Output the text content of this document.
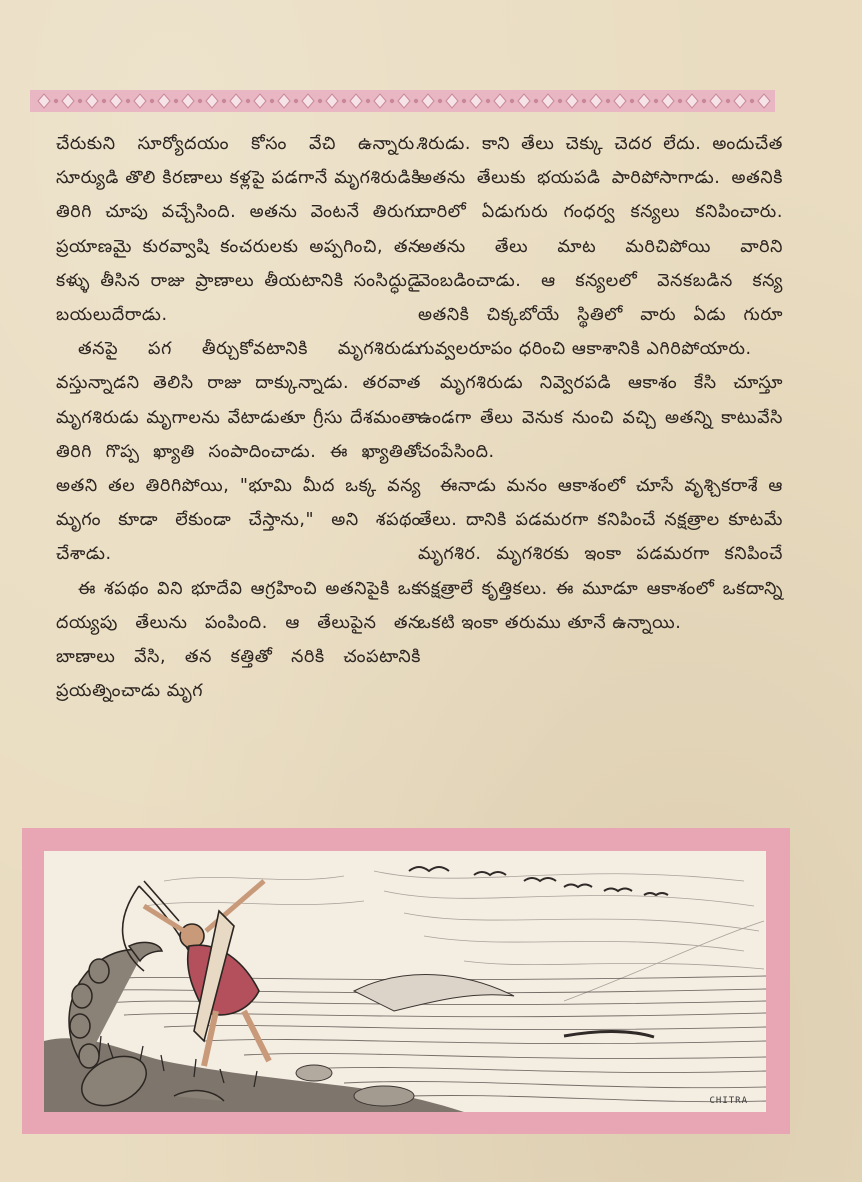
చేరుకుని సూర్యోదయం కోసం వేచి ఉన్నారు. సూర్యుడి తొలి కిరణాలు కళ్లపై పడగానే మృగశిరుడికి తిరిగి చూపు వచ్చేసింది. అతను వెంటనే తిరుగు ప్రయాణమై కురవ్వాషి కంచరులకు అప్పగించి, తన కళ్ళు తీసిన రాజు ప్రాణాలు తీయటానికి సంసిద్ధుడై బయలుదేరాడు.

తనపై పగ తీర్చుకోవటానికి మృగశిరుడు వస్తున్నాడని తెలిసి రాజు దాక్కున్నాడు. తరవాత మృగశిరుడు మృగాలను వేటాడుతూ గ్రీసు దేశమంతా తిరిగి గొప్ప ఖ్యాతి సంపాదించాడు. ఈ ఖ్యాతితో అతని తల తిరిగిపోయి, "భూమి మీద ఒక్క వన్య మృగం కూడా లేకుండా చేస్తాను," అని శపథం చేశాడు.

ఈ శపథం విని భూదేవి ఆగ్రహించి అతనిపైకి ఒక దయ్యపు తేలును పంపింది. ఆ తేలుపైన తన బాణాలు వేసి, తన కత్తితో నరికి చంపటానికి ప్రయత్నించాడు మృగ

శిరుడు. కాని తేలు చెక్కు చెదర లేదు. అందుచేత అతను తేలుకు భయపడి పారిపోసాగాడు. అతనికి దారిలో ఏడుగురు గంధర్వ కన్యలు కనిపించారు. అతను తేలు మాట మరిచిపోయి వారిని వెంబడించాడు. ఆ కన్యలలో వెనకబడిన కన్య అతనికి చిక్కబోయే స్థితిలో వారు ఏడు గురూ గువ్వలరూపం ధరించి ఆకాశానికి ఎగిరిపోయారు.

మృగశిరుడు నివ్వెరపడి ఆకాశం కేసి చూస్తూ ఉండగా తేలు వెనుక నుంచి వచ్చి అతన్ని కాటువేసి చంపేసింది.

ఈనాడు మనం ఆకాశంలో చూసే వృశ్చికరాశే ఆ తేలు. దానికి పడమరగా కనిపించే నక్షత్రాల కూటమే మృగశిర. మృగశిరకు ఇంకా పడమరగా కనిపించే నక్షత్రాలే కృత్తికలు. ఈ మూడూ ఆకాశంలో ఒకదాన్ని ఒకటి ఇంకా తరుము తూనే ఉన్నాయి.

CHITRA
